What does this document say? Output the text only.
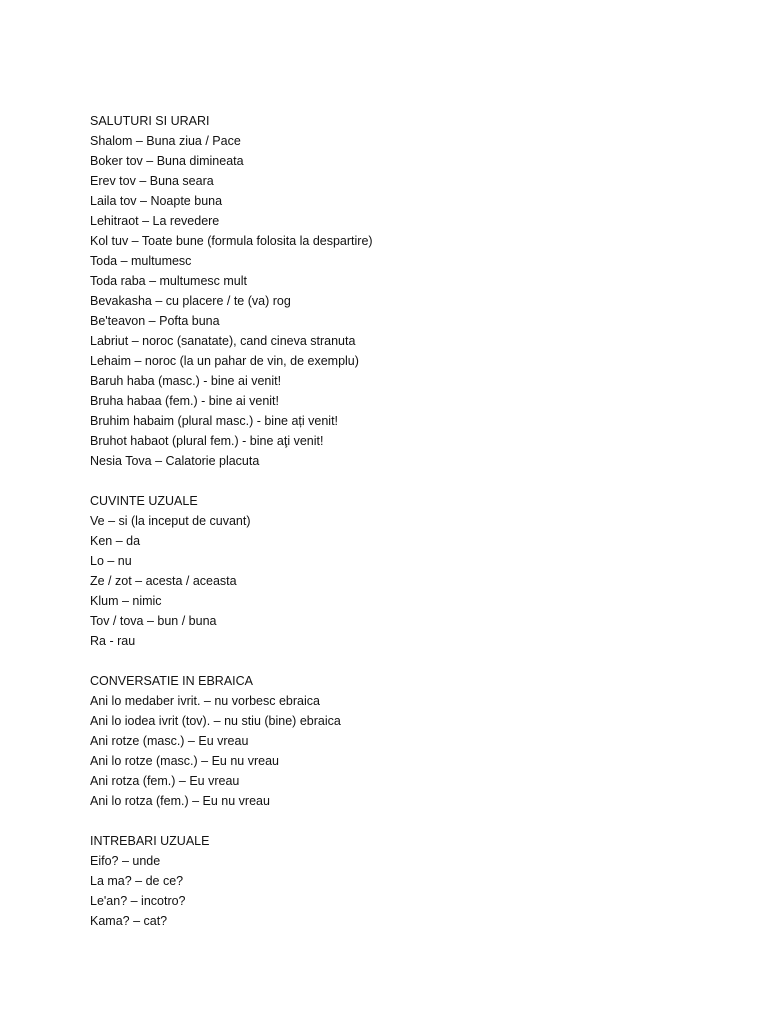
SALUTURI SI URARI
Shalom – Buna ziua / Pace
Boker tov – Buna dimineata
Erev tov – Buna seara
Laila tov – Noapte buna
Lehitraot – La revedere
Kol tuv – Toate bune (formula folosita la despartire)
Toda – multumesc
Toda raba – multumesc mult
Bevakasha – cu placere / te (va) rog
Be'teavon – Pofta buna
Labriut – noroc (sanatate), cand cineva stranuta
Lehaim – noroc (la un pahar de vin, de exemplu)
Baruh haba (masc.) - bine ai venit!
Bruha habaa (fem.) - bine ai venit!
Bruhim habaim (plural masc.) - bine ați venit!
Bruhot habaot (plural fem.) - bine aţi venit!
Nesia Tova – Calatorie placuta
CUVINTE UZUALE
Ve – si (la inceput de cuvant)
Ken – da
Lo – nu
Ze / zot – acesta / aceasta
Klum – nimic
Tov / tova – bun / buna
Ra - rau
CONVERSATIE IN EBRAICA
Ani lo medaber ivrit. – nu vorbesc ebraica
Ani lo iodea ivrit (tov). – nu stiu (bine) ebraica
Ani rotze (masc.) – Eu vreau
Ani lo rotze (masc.) – Eu nu vreau
Ani rotza (fem.) – Eu vreau
Ani lo rotza (fem.) – Eu nu vreau
INTREBARI UZUALE
Eifo? – unde
La ma? – de ce?
Le'an? – incotro?
Kama? – cat?
